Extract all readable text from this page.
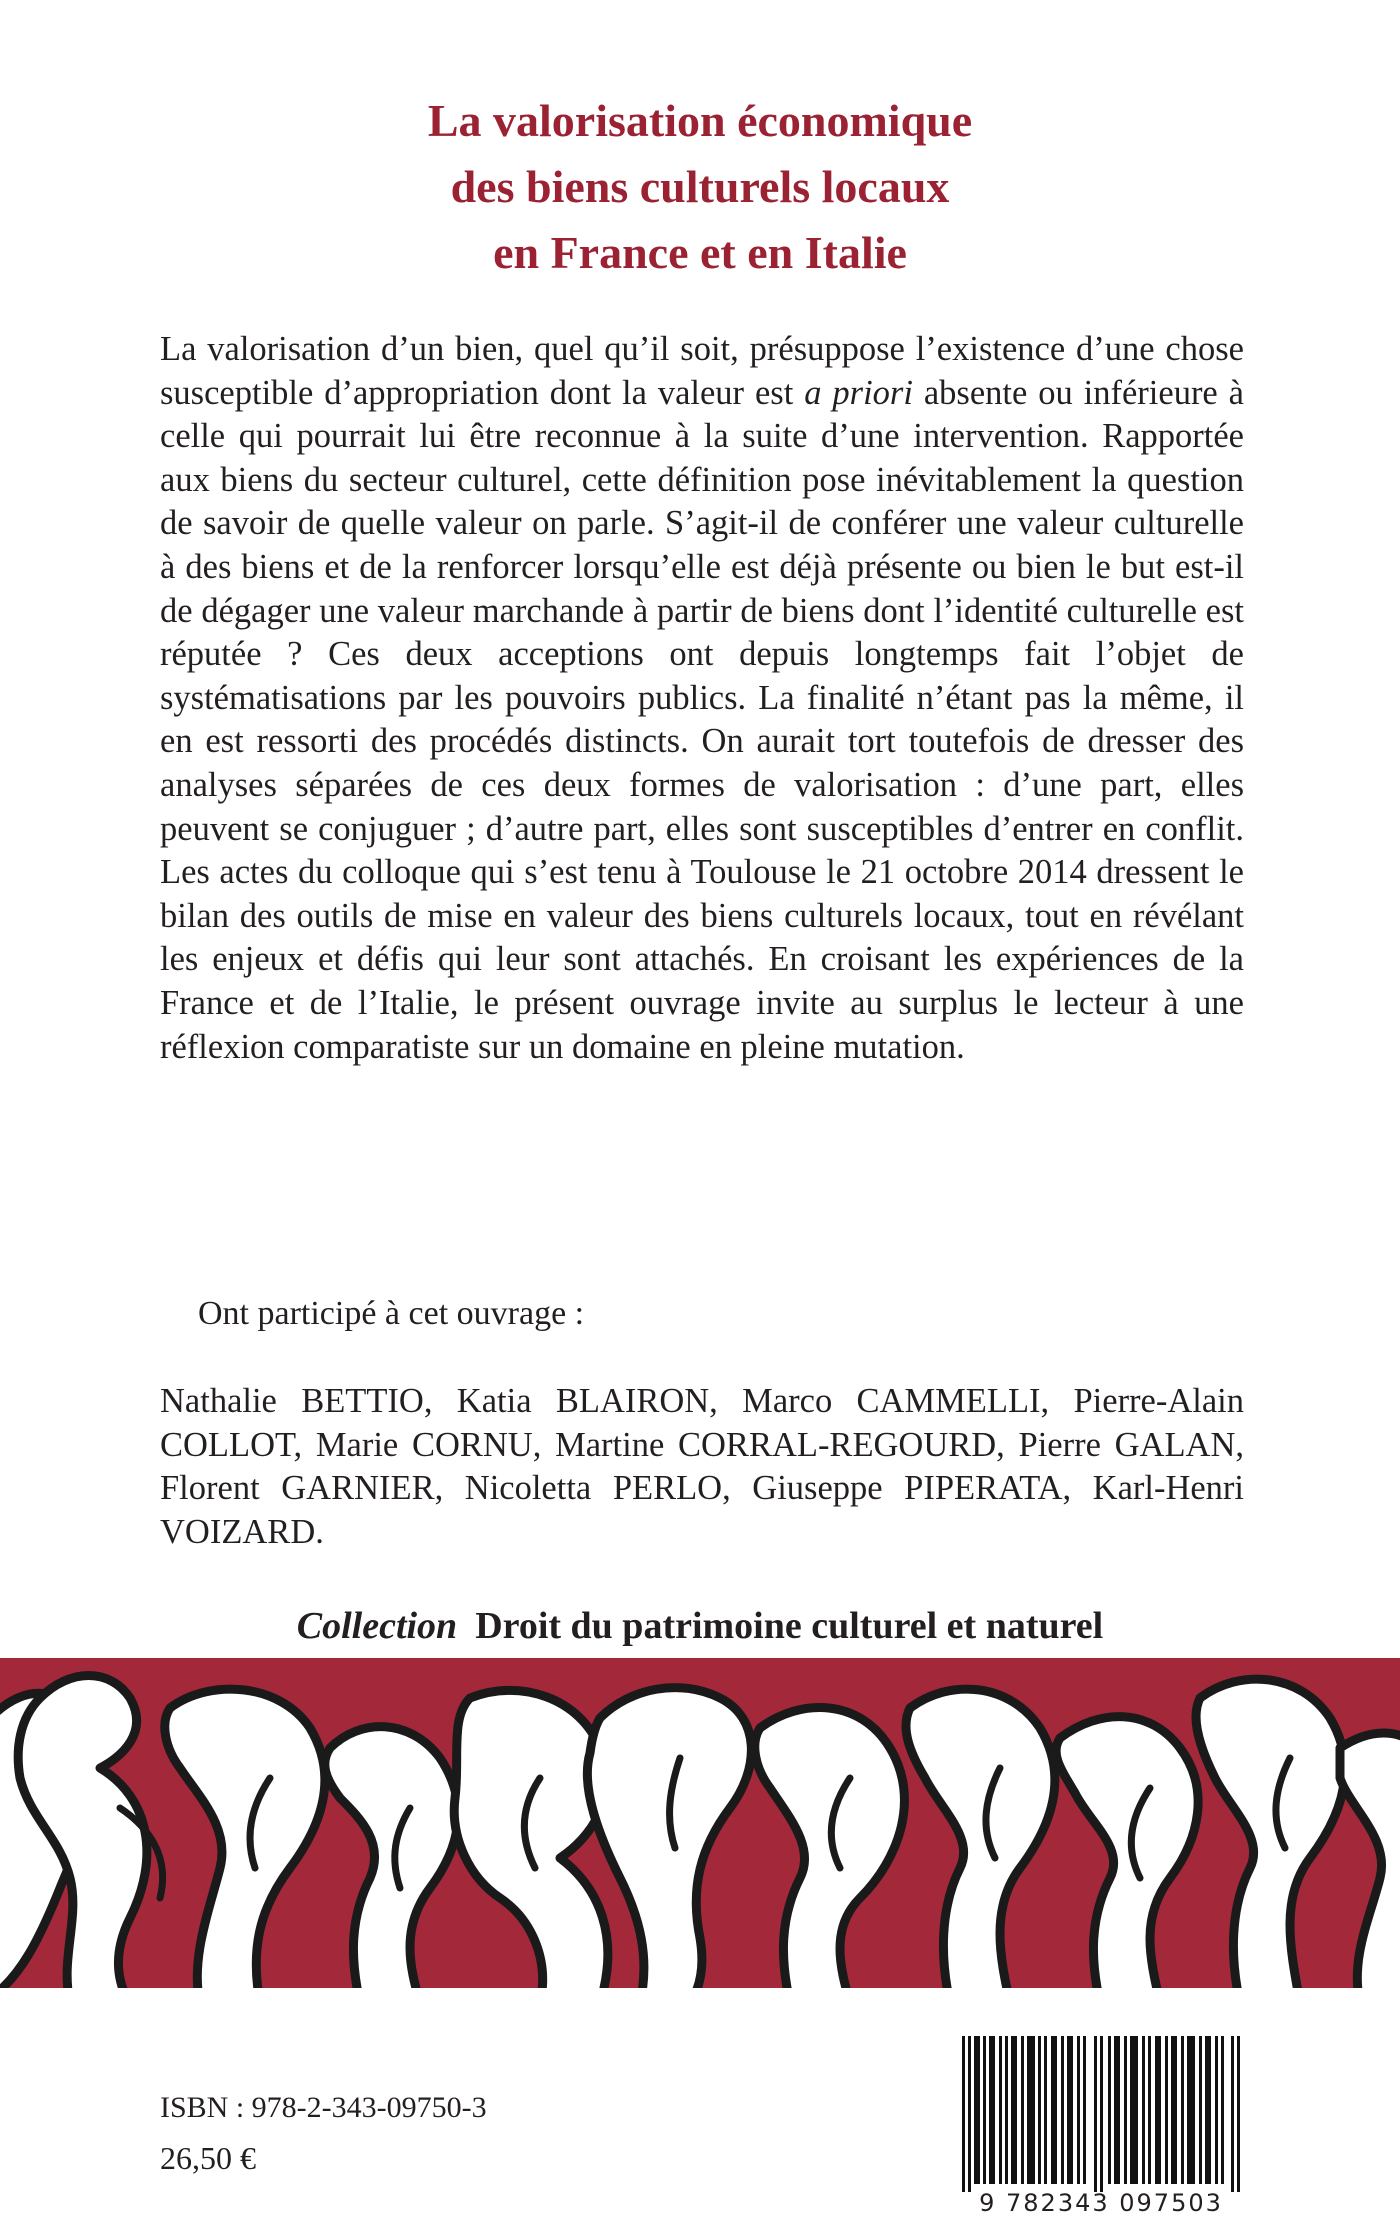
La valorisation économique
des biens culturels locaux
en France et en Italie

La valorisation d’un bien, quel qu’il soit, présuppose l’existence d’une chose susceptible d’appropriation dont la valeur est a priori absente ou inférieure à celle qui pourrait lui être reconnue à la suite d’une intervention. Rapportée aux biens du secteur culturel, cette définition pose inévitablement la question de savoir de quelle valeur on parle. S’agit-il de conférer une valeur culturelle à des biens et de la renforcer lorsqu’elle est déjà présente ou bien le but est-il de dégager une valeur marchande à partir de biens dont l’identité culturelle est réputée ? Ces deux acceptions ont depuis longtemps fait l’objet de systématisations par les pouvoirs publics. La finalité n’étant pas la même, il en est ressorti des procédés distincts. On aurait tort toutefois de dresser des analyses séparées de ces deux formes de valorisation : d’une part, elles peuvent se conjuguer ; d’autre part, elles sont susceptibles d’entrer en conflit. Les actes du colloque qui s’est tenu à Toulouse le 21 octobre 2014 dressent le bilan des outils de mise en valeur des biens culturels locaux, tout en révélant les enjeux et défis qui leur sont attachés. En croisant les expériences de la France et de l’Italie, le présent ouvrage invite au surplus le lecteur à une réflexion comparatiste sur un domaine en pleine mutation.

Ont participé à cet ouvrage :
Nathalie BETTIO, Katia BLAIRON, Marco CAMMELLI, Pierre-Alain COLLOT, Marie CORNU, Martine CORRAL-REGOURD, Pierre GALAN, Florent GARNIER, Nicoletta PERLO, Giuseppe PIPERATA, Karl-Henri VOIZARD.
Collection Droit du patrimoine culturel et naturel
ISBN : 978-2-343-09750-3
26,50 €
9 782343 097503
